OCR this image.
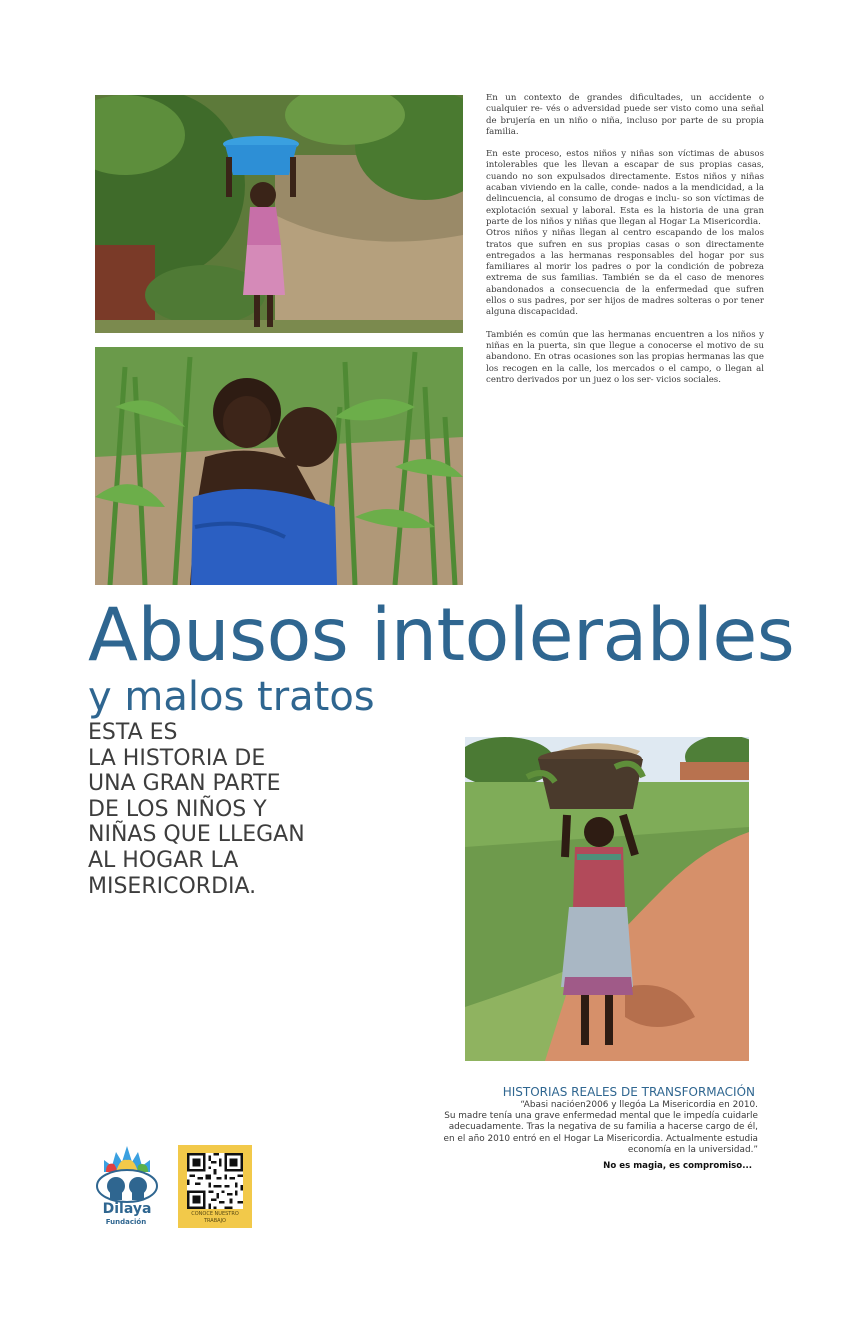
En un contexto de grandes dificultades, un accidente o cualquier re- vés o adversidad puede ser visto como una señal de brujería en un niño o niña, incluso por parte de su propia familia.

En este proceso, estos niños y niñas son víctimas de abusos intolerables que les llevan a escapar de sus propias casas, cuando no son expulsados directamente. Estos niños y niñas acaban viviendo en la calle, conde- nados a la mendicidad, a la delincuencia, al consumo de drogas e inclu- so son víctimas de explotación sexual y laboral. Esta es la historia de una gran parte de los niños y niñas que llegan al Hogar La Misericordia.

Otros niños y niñas llegan al centro escapando de los malos tratos que sufren en sus propias casas o son directamente entregados a las hermanas responsables del hogar por sus familiares al morir los padres o por la condición de pobreza extrema de sus familias. También se da el caso de menores abandonados a consecuencia de la enfermedad que sufren ellos o sus padres, por ser hijos de madres solteras o por tener alguna discapacidad.

También es común que las hermanas encuentren a los niños y niñas en la puerta, sin que llegue a conocerse el motivo de su abandono. En otras ocasiones son las propias hermanas las que los recogen en la calle, los mercados o el campo, o llegan al centro derivados por un juez o los ser- vicios sociales.

Abusos intolerables
y malos tratos
ESTA ES
LA HISTORIA DE
UNA GRAN PARTE
DE LOS NIÑOS Y
NIÑAS QUE LLEGAN
AL HOGAR LA
MISERICORDIA.
HISTORIAS REALES DE TRANSFORMACIÓN
“Abasi nacióen2006 y llegóa La Misericordia en 2010.
Su madre tenía una grave enfermedad mental que le impedía cuidarle
adecuadamente. Tras la negativa de su familia a hacerse cargo de él,
en el año 2010 entró en el Hogar La Misericordia. Actualmente estudia
economía en la universidad.”
No es magia, es compromiso...
Dilaya
Fundación
CONOCE NUESTRO
TRABAJO
